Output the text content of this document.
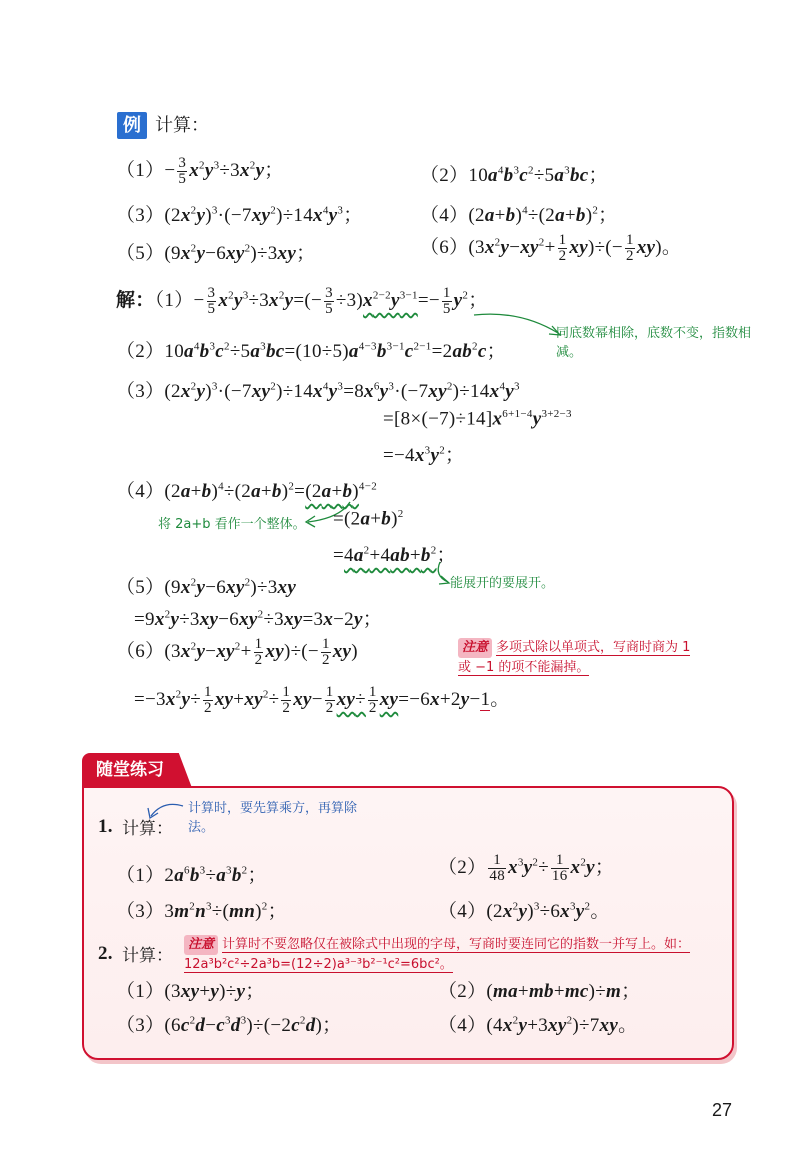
例 计算：
$(1)- \frac{3}{5} x^2y^3\div 3x^2y$；	$(2)10a^4b^3c^2\div 5a^3bc$；
$(3)(2x^2y)^3\cdot(-7xy^2)\div 14x^4y^3$；	$(4)(2a+b)^4\div(2a+b)^2$；
$(5)(9x^2y-6xy^2)\div 3xy$；	$(6)(3x^2y-xy^2+ \frac{1}{2} xy)\div(- \frac{1}{2} xy)$。
解：$(1)- \frac{3}{5} x^2y^3\div 3x^2y=(- \frac{3}{5} \div 3)x^{2-2}y^{3-1}=- \frac{1}{5} y^2$；
同底数幂相除，底数不变，指数相减。
$(2)10a^4b^3c^2\div 5a^3bc=(10\div 5)a^{4-3}b^{3-1}c^{2-1}=2ab^2c$；
$(3)(2x^2y)^3\cdot(-7xy^2)\div 14x^4y^3=8x^6y^3\cdot(-7xy^2)\div 14x^4y^3$
$=[8\times(-7)\div 14]x^{6+1-4}y^{3+2-3}$
$=-4x^3y^2$；
$(4)(2a+b)^4\div(2a+b)^2=(2a+b)^{4-2}$
将 2a+b 看作一个整体。 $=(2a+b)^2$
$=4a^2+4ab+b^2$；
能展开的要展开。
$(5)(9x^2y-6xy^2)\div 3xy$
$=9x^2y\div 3xy-6xy^2\div 3xy=3x-2y$；
$(6)(3x^2y-xy^2+ \frac{1}{2} xy)\div(- \frac{1}{2} xy)$	注意 多项式除以单项式，写商时商为 1 或 −1 的项不能漏掉。
$=-3x^2y\div \frac{1}{2} xy+xy^2\div \frac{1}{2} xy- \frac{1}{2} xy\div \frac{1}{2} xy=-6x+2y-1$。
随堂练习
1. 计算：
计算时，要先算乘方，再算除法。
$(1)2a^6b^3\div a^3b^2$；	$(2) \frac{1}{48} x^3y^2\div \frac{1}{16} x^2y$；
$(3)3m^2n^3\div(mn)^2$；	$(4)(2x^2y)^3\div 6x^3y^2$。
2. 计算：
注意 计算时不要忽略仅在被除式中出现的字母，写商时要连同它的指数一并写上。如：12a³b²c²÷2a³b=(12÷2)a³⁻³b²⁻¹c²=6bc²。
（1）(3xy+y)÷y；	（2）(ma+mb+mc)÷m；
$(3)(6c^2d-c^3d^3)\div(-2c^2d)$；	$(4)(4x^2y+3xy^2)\div 7xy$。
27
